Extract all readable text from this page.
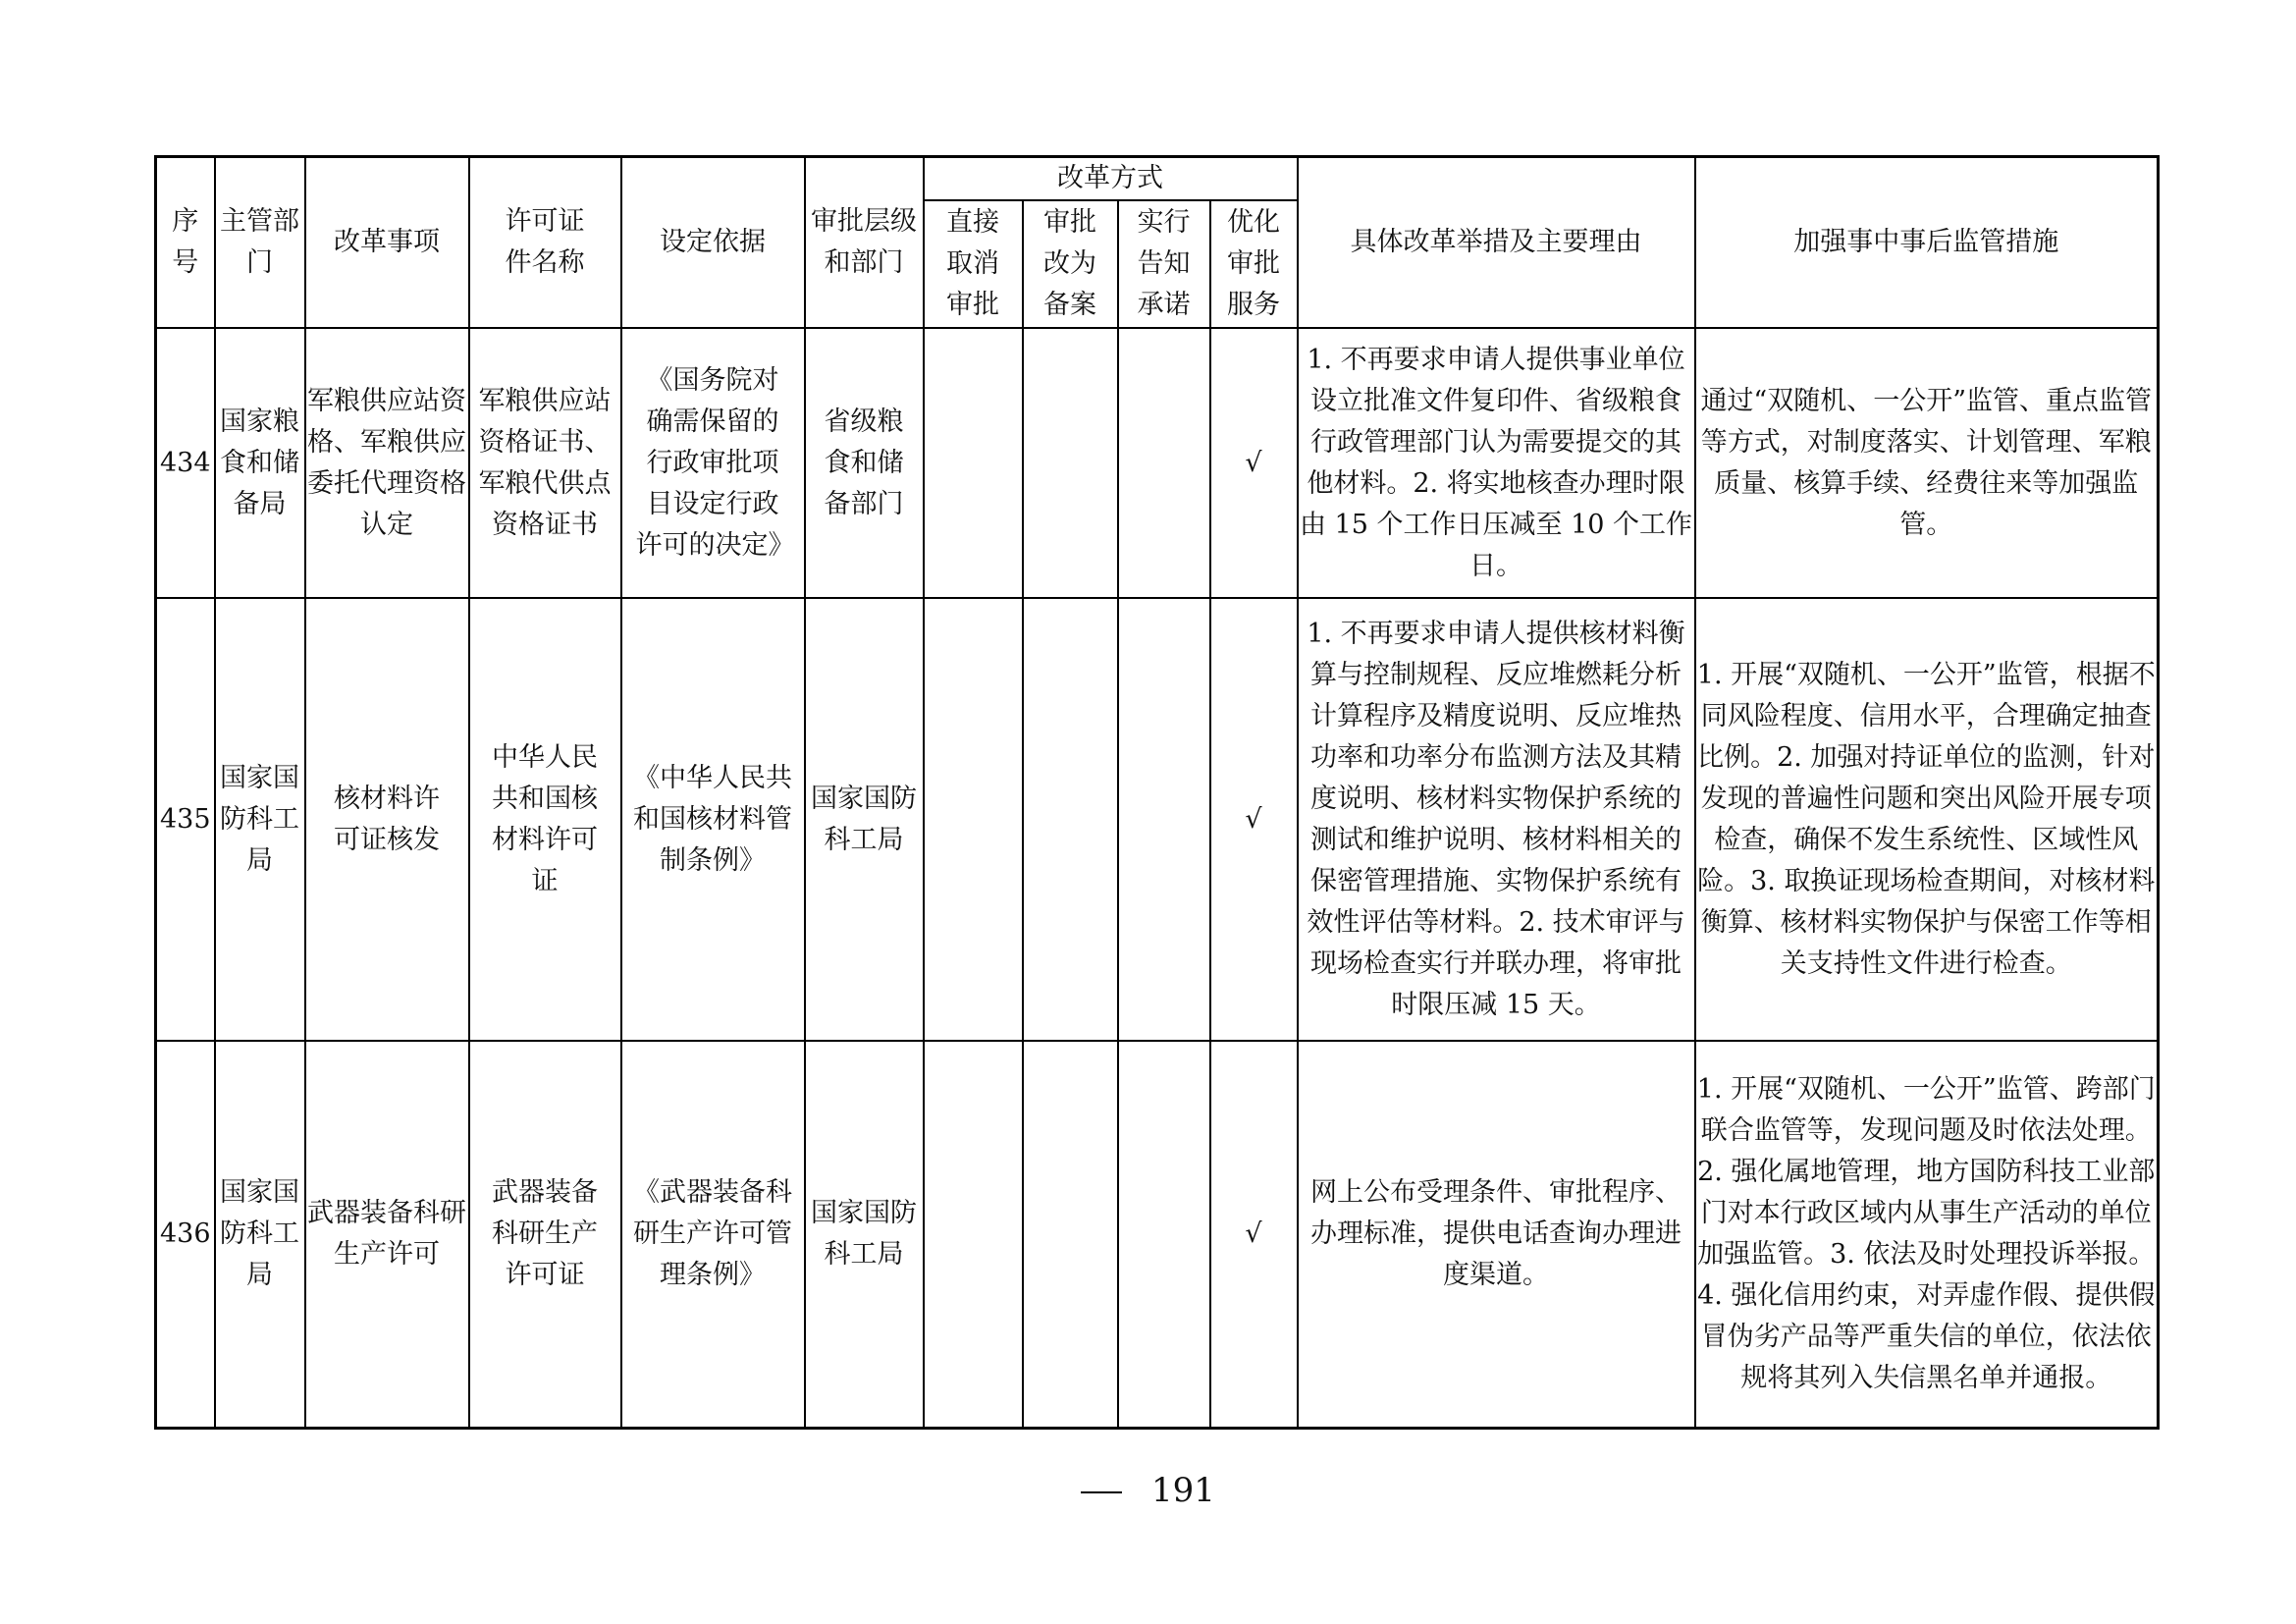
序号	主管部门	改革事项	许可证件名称	设定依据	审批层级和部门	改革方式				具体改革举措及主要理由	加强事中事后监管措施

						直接取消审批	审批改为备案	实行告知承诺	优化审批服务		

434	国家粮食和储备局	军粮供应站资格、军粮供应委托代理资格认定	军粮供应站资格证书、军粮代供点资格证书	《国务院对确需保留的行政审批项目设定行政许可的决定》	省级粮食和储备部门				√	1. 不再要求申请人提供事业单位设立批准文件复印件、省级粮食行政管理部门认为需要提交的其他材料。2. 将实地核查办理时限由 15 个工作日压减至 10 个工作日。	通过“双随机、一公开”监管、重点监管等方式，对制度落实、计划管理、军粮质量、核算手续、经费往来等加强监管。
435	国家国防科工局	核材料许可证核发	中华人民共和国核材料许可证	《中华人民共和国核材料管制条例》	国家国防科工局				√	1. 不再要求申请人提供核材料衡算与控制规程、反应堆燃耗分析计算程序及精度说明、反应堆热功率和功率分布监测方法及其精度说明、核材料实物保护系统的测试和维护说明、核材料相关的保密管理措施、实物保护系统有效性评估等材料。2. 技术审评与现场检查实行并联办理，将审批时限压减 15 天。	1. 开展“双随机、一公开”监管，根据不同风险程度、信用水平，合理确定抽查比例。2. 加强对持证单位的监测，针对发现的普遍性问题和突出风险开展专项检查，确保不发生系统性、区域性风险。3. 取换证现场检查期间，对核材料衡算、核材料实物保护与保密工作等相关支持性文件进行检查。
436	国家国防科工局	武器装备科研生产许可	武器装备科研生产许可证	《武器装备科研生产许可管理条例》	国家国防科工局				√	网上公布受理条件、审批程序、办理标准，提供电话查询办理进度渠道。	1. 开展“双随机、一公开”监管、跨部门联合监管等，发现问题及时依法处理。2. 强化属地管理，地方国防科技工业部门对本行政区域内从事生产活动的单位加强监管。3. 依法及时处理投诉举报。4. 强化信用约束，对弄虚作假、提供假冒伪劣产品等严重失信的单位，依法依规将其列入失信黑名单并通报。
191
